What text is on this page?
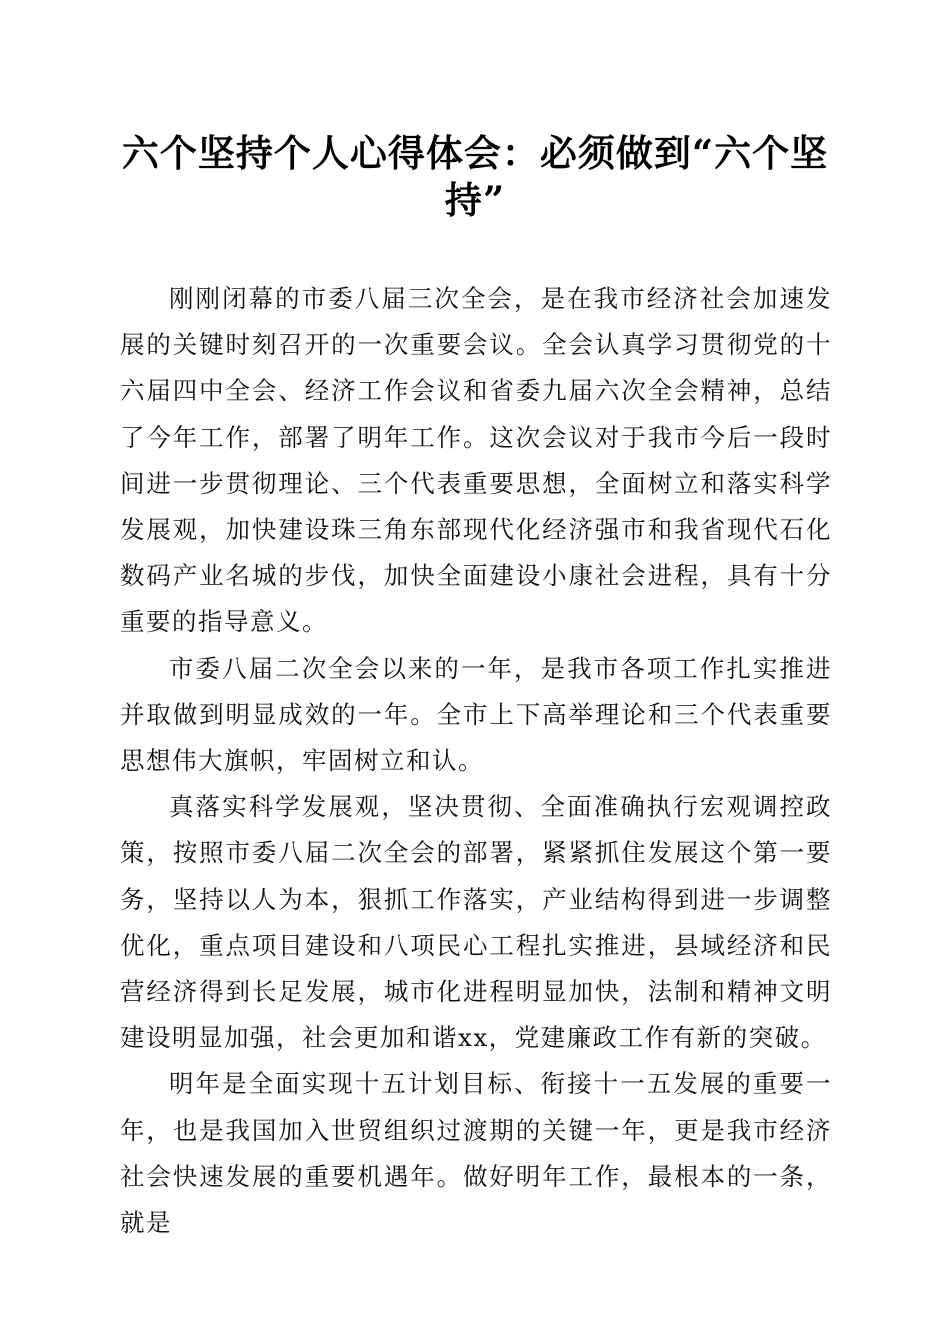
六个坚持个人心得体会：必须做到“六个坚持”

刚刚闭幕的市委八届三次全会，是在我市经济社会加速发展的关键时刻召开的一次重要会议。全会认真学习贯彻党的十六届四中全会、经济工作会议和省委九届六次全会精神，总结了今年工作，部署了明年工作。这次会议对于我市今后一段时间进一步贯彻理论、三个代表重要思想，全面树立和落实科学发展观，加快建设珠三角东部现代化经济强市和我省现代石化数码产业名城的步伐，加快全面建设小康社会进程，具有十分重要的指导意义。

市委八届二次全会以来的一年，是我市各项工作扎实推进并取做到明显成效的一年。全市上下高举理论和三个代表重要思想伟大旗帜，牢固树立和认。

真落实科学发展观，坚决贯彻、全面准确执行宏观调控政策，按照市委八届二次全会的部署，紧紧抓住发展这个第一要务，坚持以人为本，狠抓工作落实，产业结构得到进一步调整优化，重点项目建设和八项民心工程扎实推进，县域经济和民营经济得到长足发展，城市化进程明显加快，法制和精神文明建设明显加强，社会更加和谐xx，党建廉政工作有新的突破。

明年是全面实现十五计划目标、衔接十一五发展的重要一年，也是我国加入世贸组织过渡期的关键一年，更是我市经济社会快速发展的重要机遇年。做好明年工作，最根本的一条，就是
